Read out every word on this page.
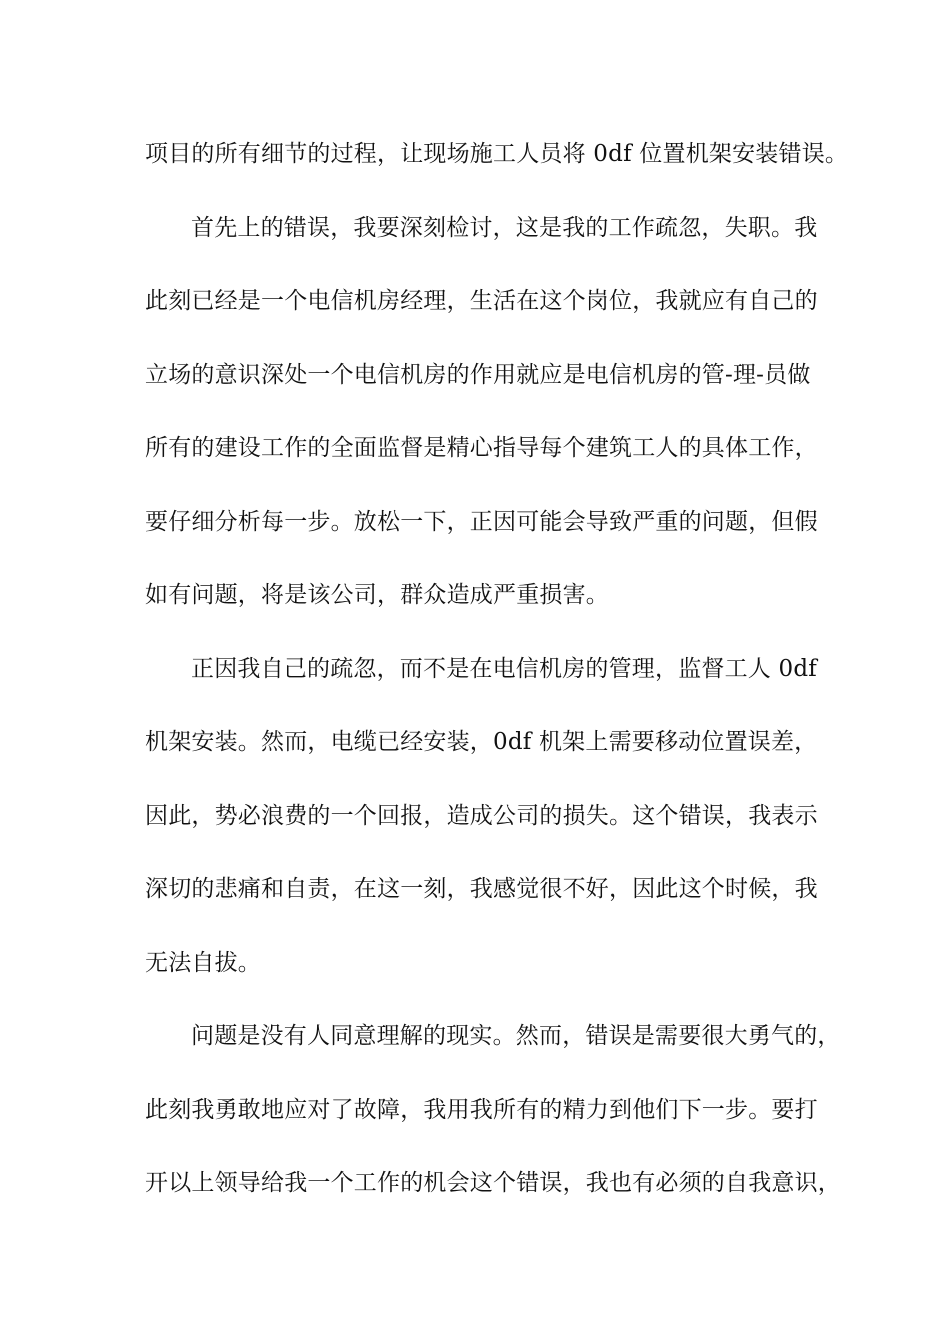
项目的所有细节的过程，让现场施工人员将 0df 位置机架安装错误。
首先上的错误，我要深刻检讨，这是我的工作疏忽，失职。我
此刻已经是一个电信机房经理，生活在这个岗位，我就应有自己的
立场的意识深处一个电信机房的作用就应是电信机房的管-理-员做
所有的建设工作的全面监督是精心指导每个建筑工人的具体工作，
要仔细分析每一步。放松一下，正因可能会导致严重的问题，但假
如有问题，将是该公司，群众造成严重损害。
正因我自己的疏忽，而不是在电信机房的管理，监督工人 0df
机架安装。然而，电缆已经安装，0df 机架上需要移动位置误差，
因此，势必浪费的一个回报，造成公司的损失。这个错误，我表示
深切的悲痛和自责，在这一刻，我感觉很不好，因此这个时候，我
无法自拔。
问题是没有人同意理解的现实。然而，错误是需要很大勇气的，
此刻我勇敢地应对了故障，我用我所有的精力到他们下一步。要打
开以上领导给我一个工作的机会这个错误，我也有必须的自我意识，
